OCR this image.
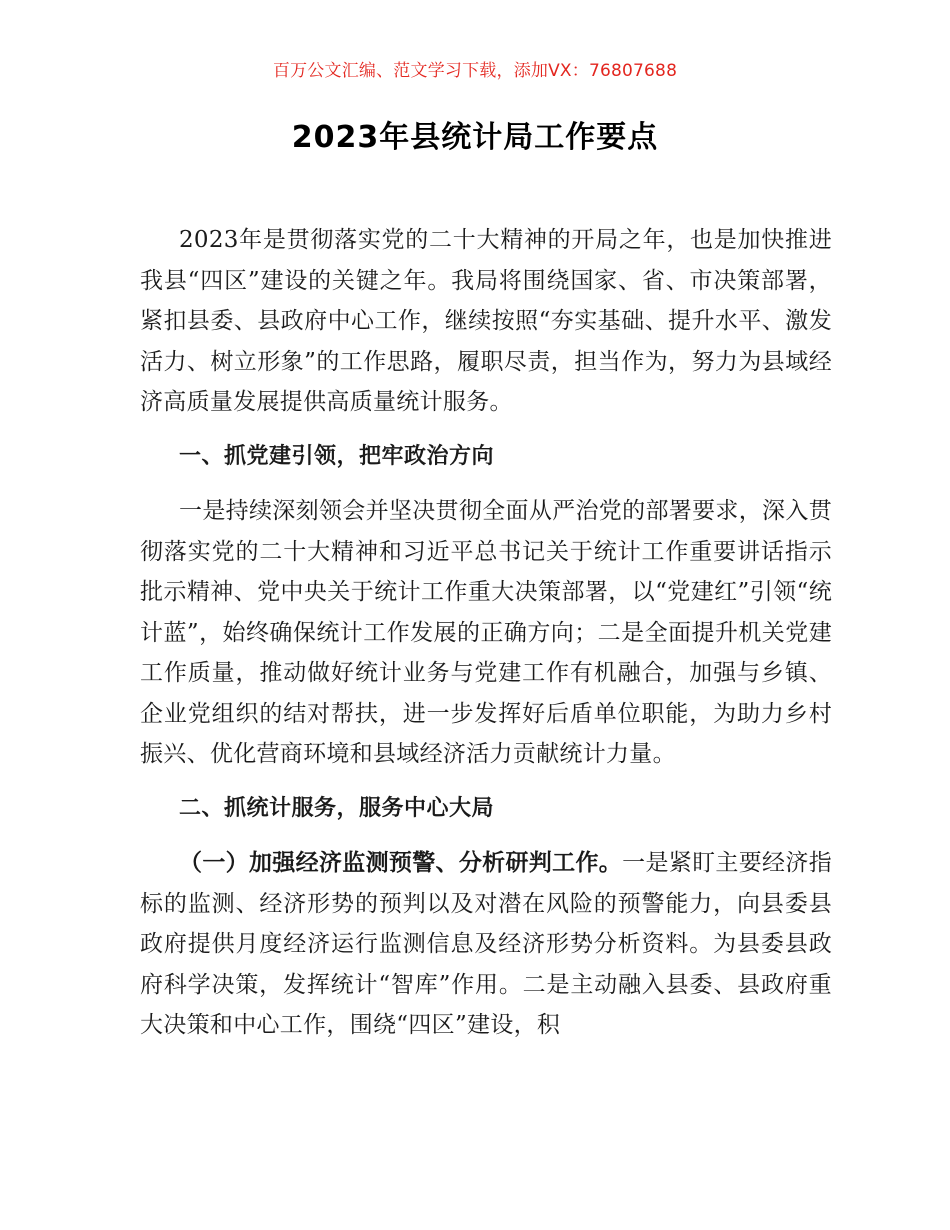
百万公文汇编、范文学习下载，添加VX：76807688
2023年县统计局工作要点

2023年是贯彻落实党的二十大精神的开局之年，也是加快推进我县“四区”建设的关键之年。我局将围绕国家、省、市决策部署，紧扣县委、县政府中心工作，继续按照“夯实基础、提升水平、激发活力、树立形象”的工作思路，履职尽责，担当作为，努力为县域经济高质量发展提供高质量统计服务。

一、抓党建引领，把牢政治方向

一是持续深刻领会并坚决贯彻全面从严治党的部署要求，深入贯彻落实党的二十大精神和习近平总书记关于统计工作重要讲话指示批示精神、党中央关于统计工作重大决策部署，以“党建红”引领“统计蓝”，始终确保统计工作发展的正确方向；二是全面提升机关党建工作质量，推动做好统计业务与党建工作有机融合，加强与乡镇、企业党组织的结对帮扶，进一步发挥好后盾单位职能，为助力乡村振兴、优化营商环境和县域经济活力贡献统计力量。

二、抓统计服务，服务中心大局

（一）加强经济监测预警、分析研判工作。一是紧盯主要经济指标的监测、经济形势的预判以及对潜在风险的预警能力，向县委县政府提供月度经济运行监测信息及经济形势分析资料。为县委县政府科学决策，发挥统计“智库”作用。二是主动融入县委、县政府重大决策和中心工作，围绕“四区”建设，积
